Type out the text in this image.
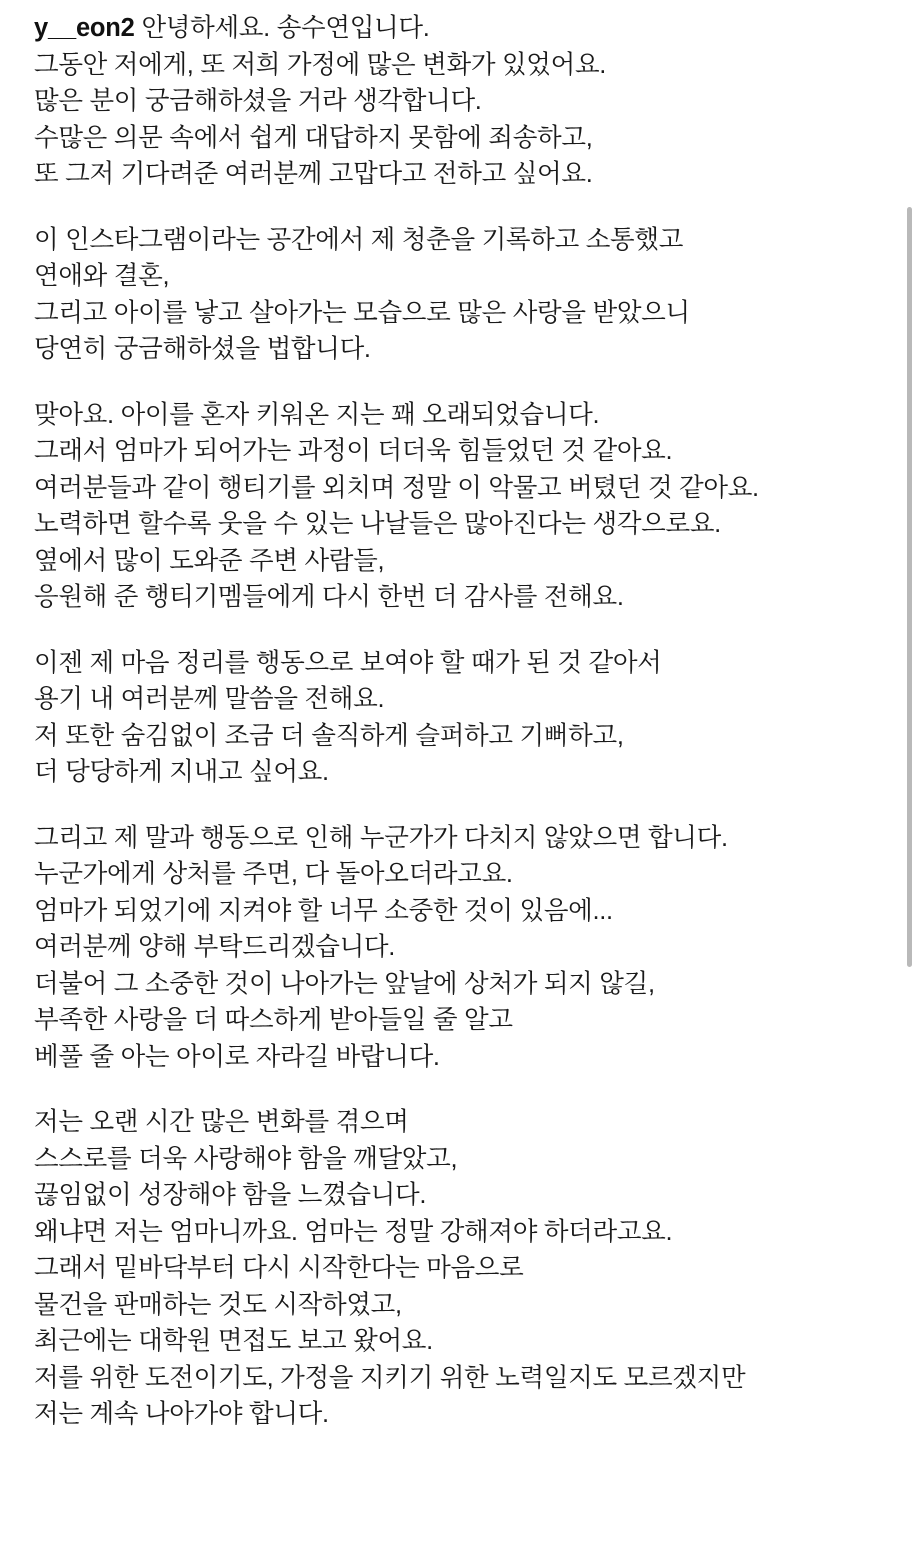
y__eon2 안녕하세요. 송수연입니다.
그동안 저에게, 또 저희 가정에 많은 변화가 있었어요.
많은 분이 궁금해하셨을 거라 생각합니다.
수많은 의문 속에서 쉽게 대답하지 못함에 죄송하고,
또 그저 기다려준 여러분께 고맙다고 전하고 싶어요.
이 인스타그램이라는 공간에서 제 청춘을 기록하고 소통했고
연애와 결혼,
그리고 아이를 낳고 살아가는 모습으로 많은 사랑을 받았으니
당연히 궁금해하셨을 법합니다.
맞아요. 아이를 혼자 키워온 지는 꽤 오래되었습니다.
그래서 엄마가 되어가는 과정이 더더욱 힘들었던 것 같아요.
여러분들과 같이 행티기를 외치며 정말 이 악물고 버텼던 것 같아요.
노력하면 할수록 웃을 수 있는 나날들은 많아진다는 생각으로요.
옆에서 많이 도와준 주변 사람들,
응원해 준 행티기멤들에게 다시 한번 더 감사를 전해요.
이젠 제 마음 정리를 행동으로 보여야 할 때가 된 것 같아서
용기 내 여러분께 말씀을 전해요.
저 또한 숨김없이 조금 더 솔직하게 슬퍼하고 기뻐하고,
더 당당하게 지내고 싶어요.
그리고 제 말과 행동으로 인해 누군가가 다치지 않았으면 합니다.
누군가에게 상처를 주면, 다 돌아오더라고요.
엄마가 되었기에 지켜야 할 너무 소중한 것이 있음에...
여러분께 양해 부탁드리겠습니다.
더불어 그 소중한 것이 나아가는 앞날에 상처가 되지 않길,
부족한 사랑을 더 따스하게 받아들일 줄 알고
베풀 줄 아는 아이로 자라길 바랍니다.
저는 오랜 시간 많은 변화를 겪으며
스스로를 더욱 사랑해야 함을 깨달았고,
끊임없이 성장해야 함을 느꼈습니다.
왜냐면 저는 엄마니까요. 엄마는 정말 강해져야 하더라고요.
그래서 밑바닥부터 다시 시작한다는 마음으로
물건을 판매하는 것도 시작하였고,
최근에는 대학원 면접도 보고 왔어요.
저를 위한 도전이기도, 가정을 지키기 위한 노력일지도 모르겠지만
저는 계속 나아가야 합니다.
